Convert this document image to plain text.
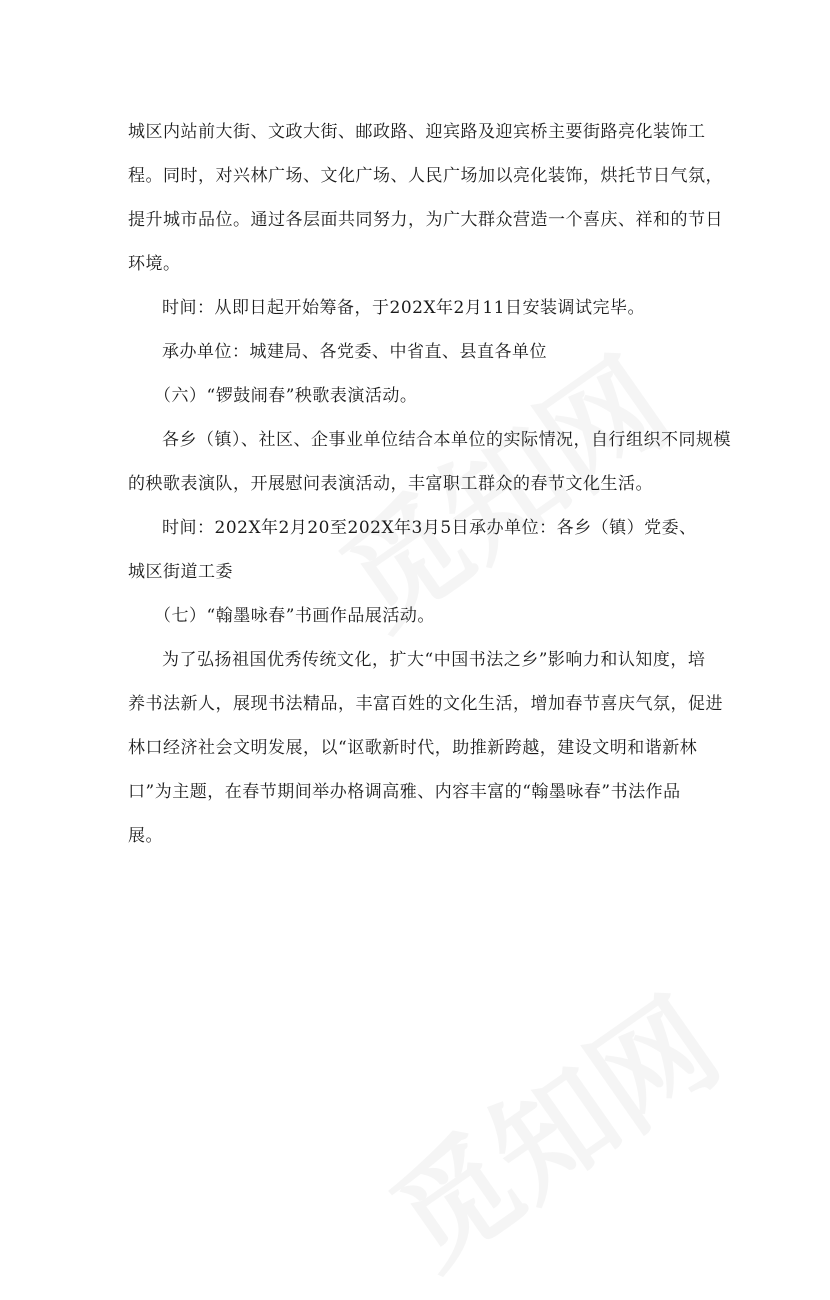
城区内站前大街、文政大街、邮政路、迎宾路及迎宾桥主要街路亮化装饰工

程。同时，对兴林广场、文化广场、人民广场加以亮化装饰，烘托节日气氛，

提升城市品位。通过各层面共同努力，为广大群众营造一个喜庆、祥和的节日

环境。

时间：从即日起开始筹备，于202X年2月11日安装调试完毕。

承办单位：城建局、各党委、中省直、县直各单位

（六）“锣鼓闹春”秧歌表演活动。

各乡（镇）、社区、企事业单位结合本单位的实际情况，自行组织不同规模

的秧歌表演队，开展慰问表演活动，丰富职工群众的春节文化生活。

时间：202X年2月20至202X年3月5日承办单位：各乡（镇）党委、

城区街道工委

（七）“翰墨咏春”书画作品展活动。

为了弘扬祖国优秀传统文化，扩大“中国书法之乡”影响力和认知度，培

养书法新人，展现书法精品，丰富百姓的文化生活，增加春节喜庆气氛，促进

林口经济社会文明发展，以“讴歌新时代，助推新跨越，建设文明和谐新林

口”为主题，在春节期间举办格调高雅、内容丰富的“翰墨咏春”书法作品

展。
